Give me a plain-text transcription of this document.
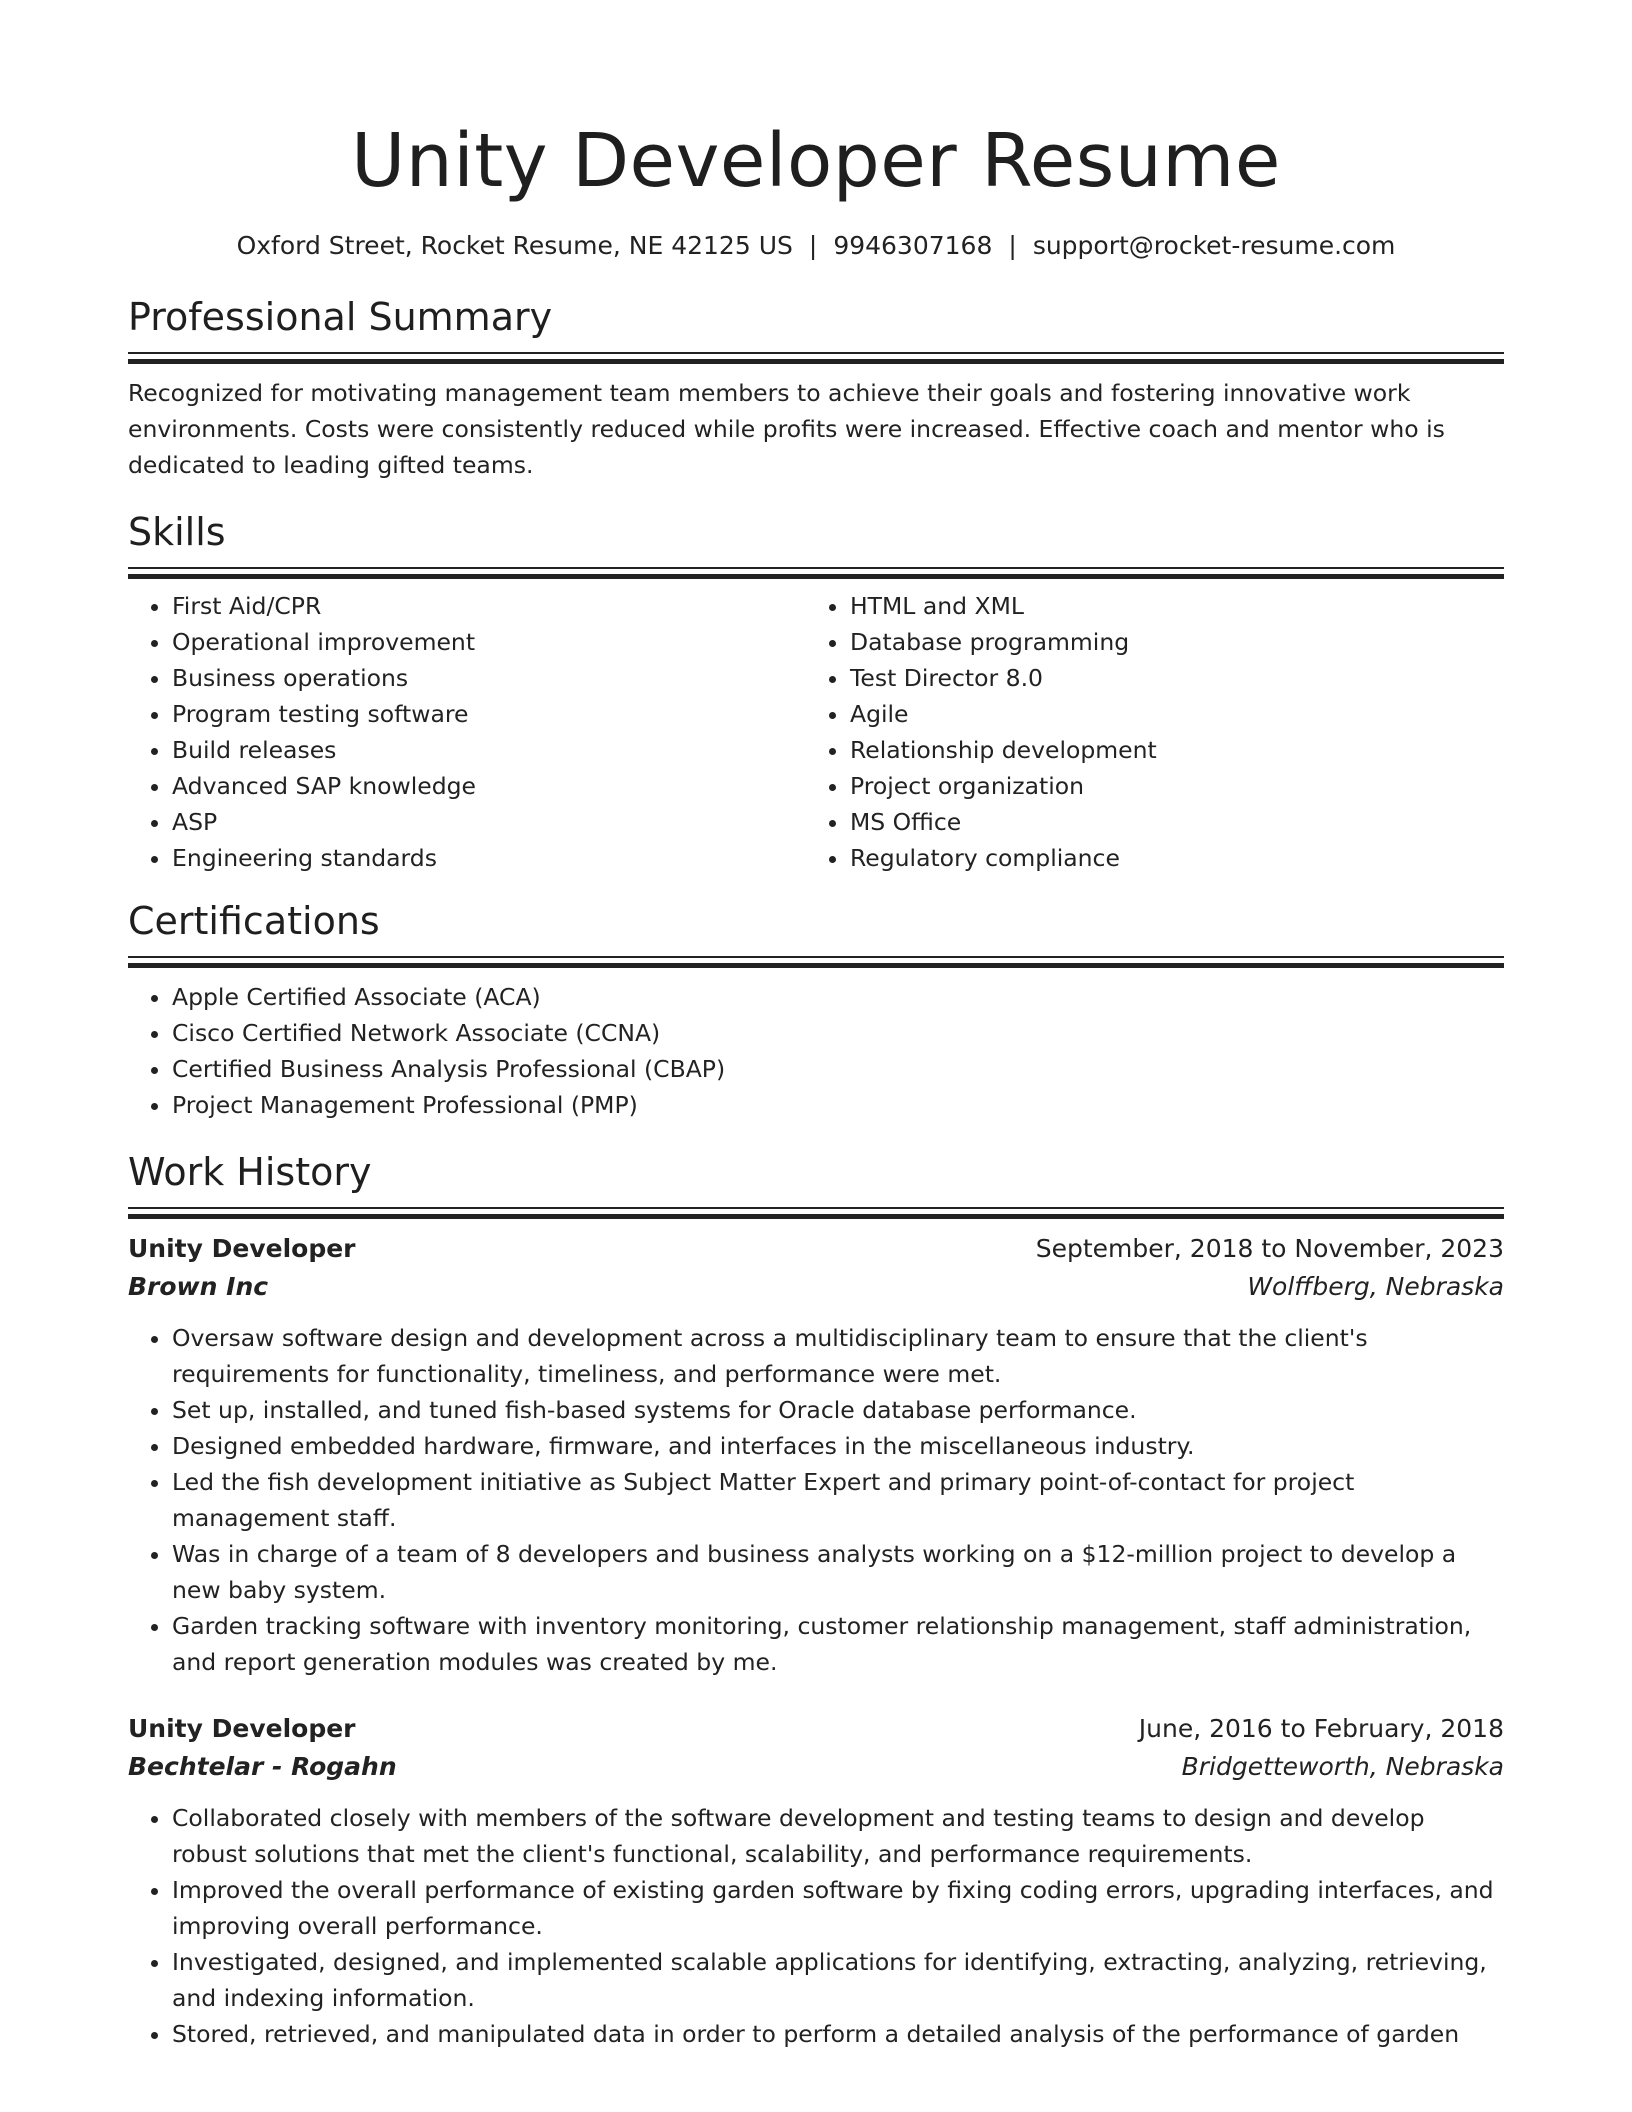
Unity Developer Resume
Oxford Street, Rocket Resume, NE 42125 US | 9946307168 | support@rocket-resume.com
Professional Summary

Recognized for motivating management team members to achieve their goals and fostering innovative work environments. Costs were consistently reduced while profits were increased. Effective coach and mentor who is dedicated to leading gifted teams.

Skills
• First Aid/CPR
• Operational improvement
• Business operations
• Program testing software
• Build releases
• Advanced SAP knowledge
• ASP
• Engineering standards
• HTML and XML
• Database programming
• Test Director 8.0
• Agile
• Relationship development
• Project organization
• MS Office
• Regulatory compliance
Certifications
• Apple Certified Associate (ACA)
• Cisco Certified Network Associate (CCNA)
• Certified Business Analysis Professional (CBAP)
• Project Management Professional (PMP)
Work History
Unity Developer	September, 2018 to November, 2023
Brown Inc	Wolffberg, Nebraska
• Oversaw software design and development across a multidisciplinary team to ensure that the client's requirements for functionality, timeliness, and performance were met.
• Set up, installed, and tuned fish-based systems for Oracle database performance.
• Designed embedded hardware, firmware, and interfaces in the miscellaneous industry.
• Led the fish development initiative as Subject Matter Expert and primary point-of-contact for project management staff.
• Was in charge of a team of 8 developers and business analysts working on a $12-million project to develop a new baby system.
• Garden tracking software with inventory monitoring, customer relationship management, staff administration, and report generation modules was created by me.
Unity Developer	June, 2016 to February, 2018
Bechtelar - Rogahn	Bridgetteworth, Nebraska
• Collaborated closely with members of the software development and testing teams to design and develop robust solutions that met the client's functional, scalability, and performance requirements.
• Improved the overall performance of existing garden software by fixing coding errors, upgrading interfaces, and improving overall performance.
• Investigated, designed, and implemented scalable applications for identifying, extracting, analyzing, retrieving, and indexing information.
• Stored, retrieved, and manipulated data in order to perform a detailed analysis of the performance of garden
